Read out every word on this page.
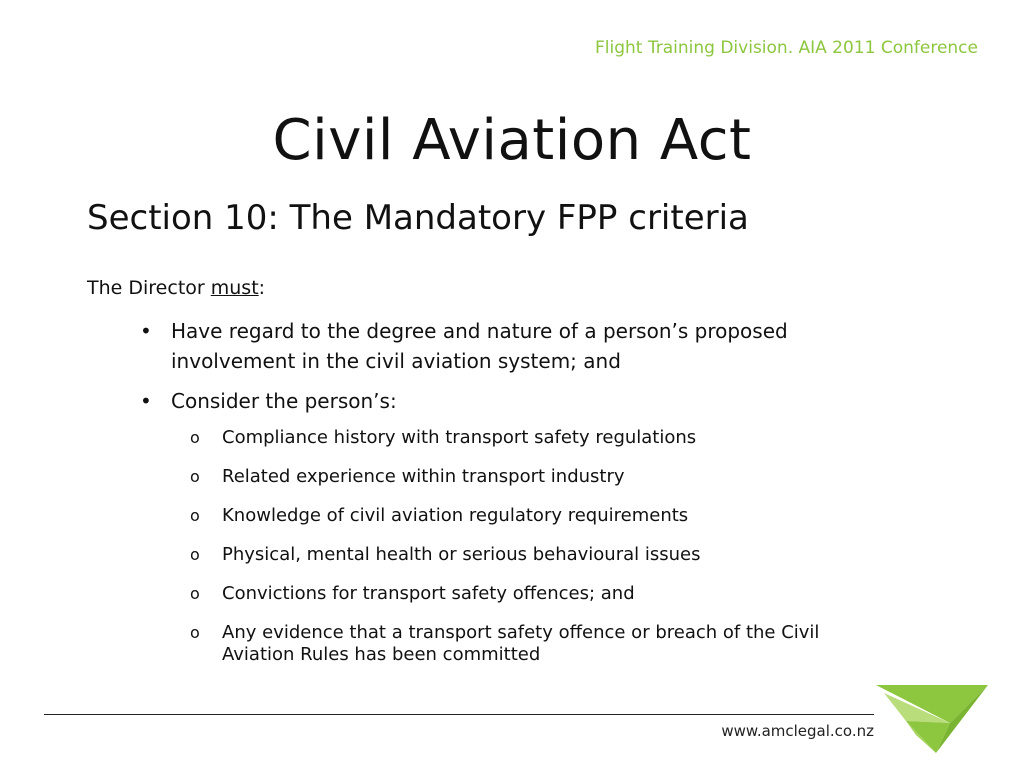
Flight Training Division. AIA 2011 Conference
Civil Aviation Act
Section 10: The Mandatory FPP criteria
The Director must:
• Have regard to the degree and nature of a person’s proposed involvement in the civil aviation system; and
• Consider the person’s:
o Compliance history with transport safety regulations
o Related experience within transport industry
o Knowledge of civil aviation regulatory requirements
o Physical, mental health or serious behavioural issues
o Convictions for transport safety offences; and
o Any evidence that a transport safety offence or breach of the Civil Aviation Rules has been committed
www.amclegal.co.nz
